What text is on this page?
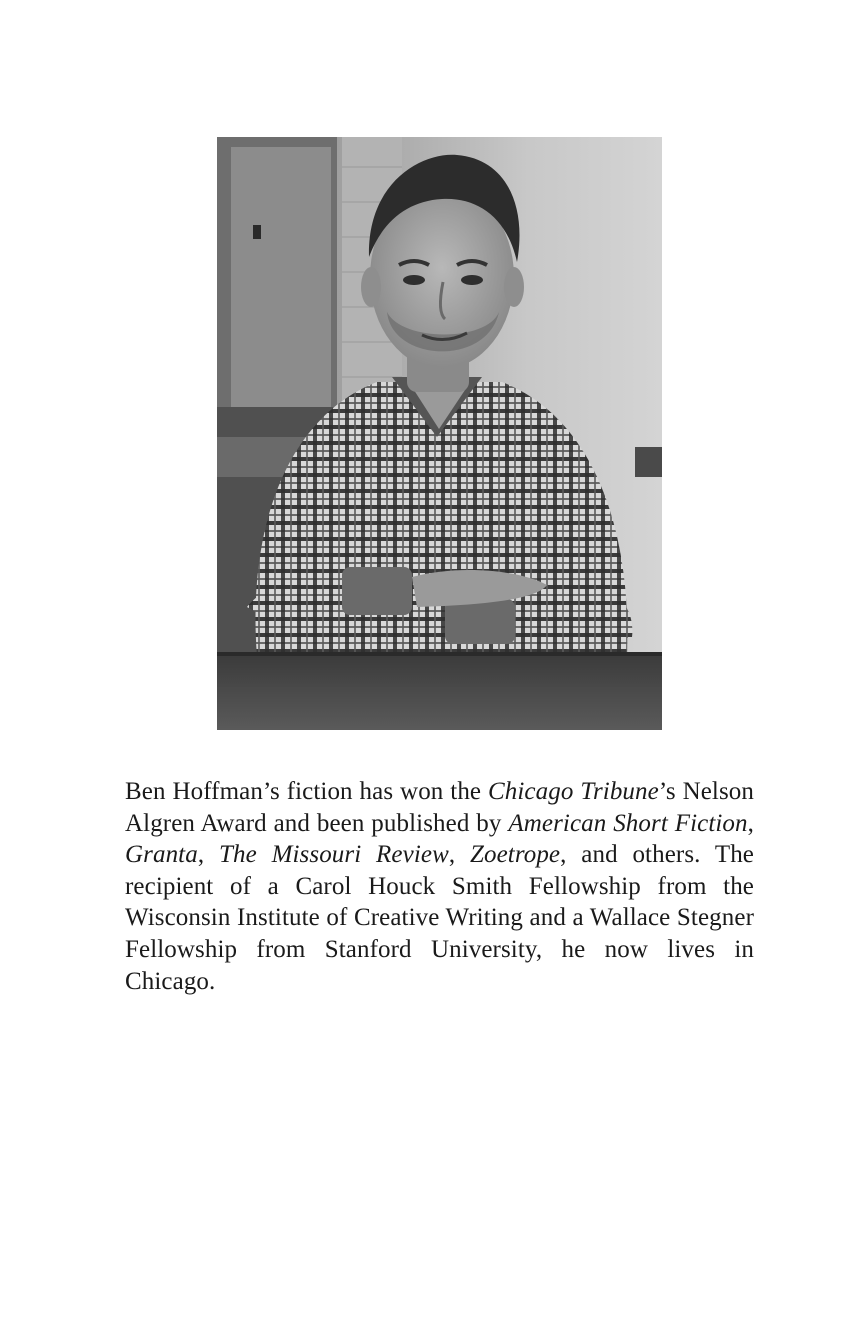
Ben Hoffman’s fiction has won the Chicago Tribune’s Nelson Algren Award and been published by American Short Fiction, Granta, The Missouri Review, Zoetrope, and others. The recipient of a Carol Houck Smith Fellowship from the Wisconsin Institute of Creative Writing and a Wallace Stegner Fellowship from Stanford University, he now lives in Chicago.
